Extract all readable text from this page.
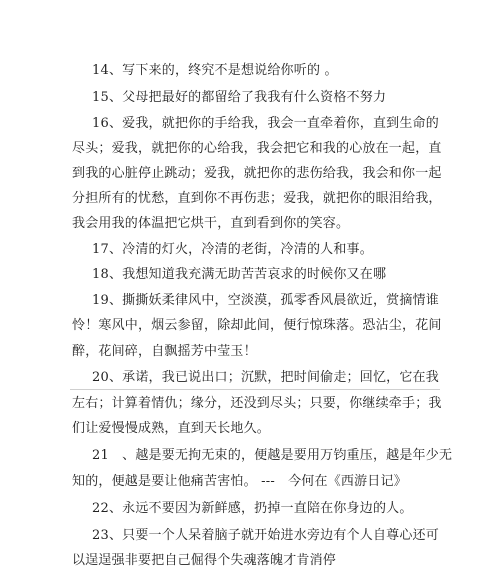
14、写下来的，终究不是想说给你听的 。
15、父母把最好的都留给了我我有什么资格不努力
16、爱我，就把你的手给我，我会一直牵着你，直到生命的
尽头；爱我，就把你的心给我，我会把它和我的心放在一起，直
到我的心脏停止跳动；爱我，就把你的悲伤给我，我会和你一起
分担所有的忧愁，直到你不再伤悲；爱我，就把你的眼泪给我，
我会用我的体温把它烘干，直到看到你的笑容。
17、冷清的灯火，冷清的老街，冷清的人和事。
18、我想知道我充满无助苦苦哀求的时候你又在哪
19、撕撕妖柔律风中，空淡漠，孤零香风晨欲近，赏摘情谁
怜！寒风中，烟云参留，除却此间，便行惊珠落。恐沾尘，花间
醉，花间碎，自飘摇芳中莹玉！
20、承诺，我已说出口；沉默，把时间偷走；回忆，它在我
左右；计算着情仇；缘分，还没到尽头；只要，你继续牵手；我
们让爱慢慢成熟，直到天长地久。
21　、越是要无拘无束的，便越是要用万钧重压，越是年少无
知的，便越是要让他痛苦害怕。 ---　今何在《西游日记》
22、永远不要因为新鲜感，扔掉一直陪在你身边的人。
23、只要一个人呆着脑子就开始进水旁边有个人自尊心还可
以逞逞强非要把自己倔得个失魂落魄才肯消停
